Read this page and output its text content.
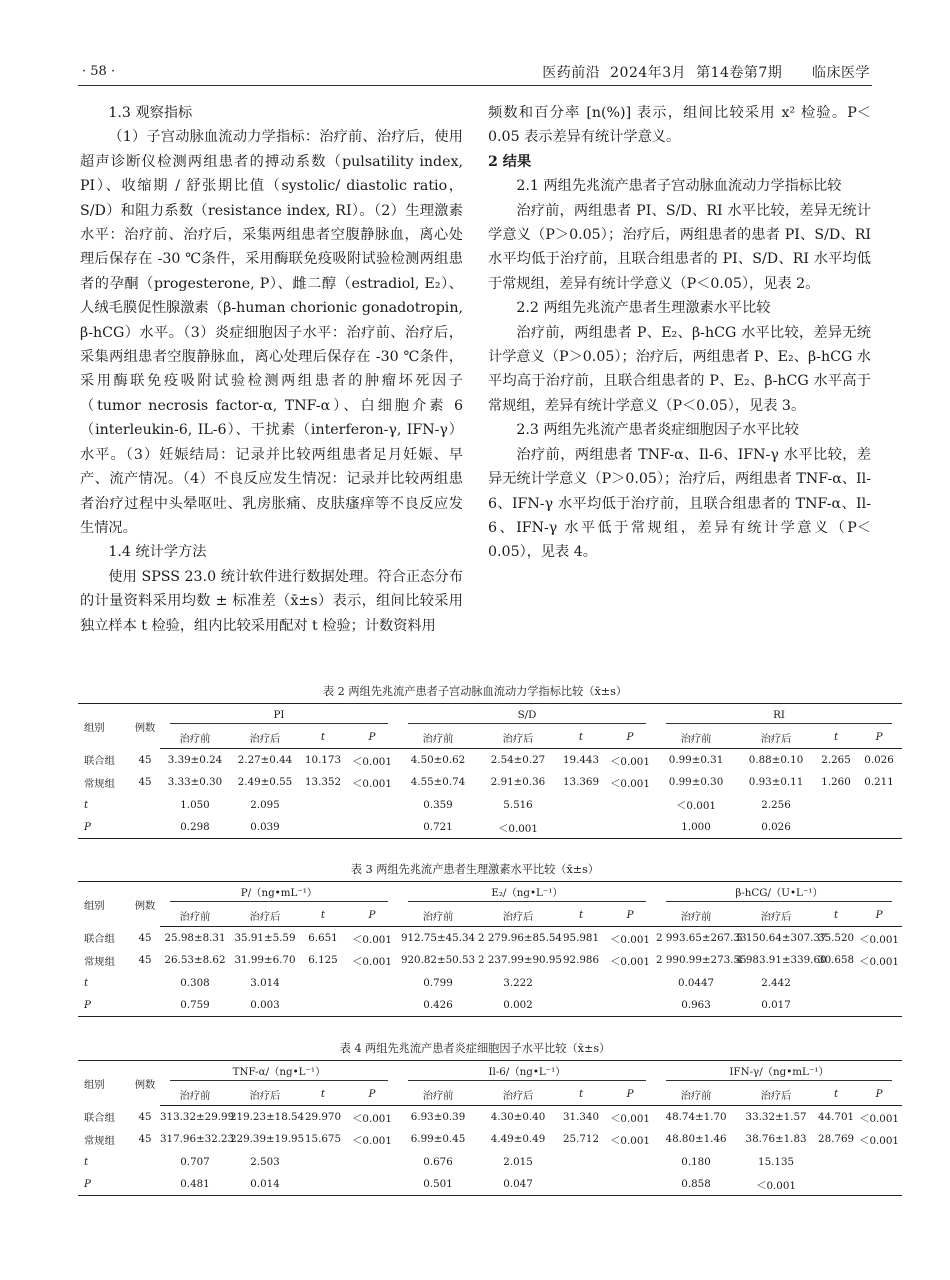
· 58 ·	医药前沿  2024年3月  第14卷第7期      临床医学

1.3 观察指标

（1）子宫动脉血流动力学指标：治疗前、治疗后，使用超声诊断仪检测两组患者的搏动系数（pulsatility index, PI）、收缩期 / 舒张期比值（systolic/ diastolic ratio，S/D）和阻力系数（resistance index, RI）。（2）生理激素水平：治疗前、治疗后，采集两组患者空腹静脉血，离心处理后保存在 -30 ℃条件，采用酶联免疫吸附试验检测两组患者的孕酮（progesterone, P）、雌二醇（estradiol, E₂）、人绒毛膜促性腺激素（β-human chorionic gonadotropin, β-hCG）水平。（3）炎症细胞因子水平：治疗前、治疗后，采集两组患者空腹静脉血，离心处理后保存在 -30 ℃条件，采用酶联免疫吸附试验检测两组患者的肿瘤坏死因子（tumor necrosis factor-α, TNF-α）、白细胞介素 6（interleukin-6, IL-6）、干扰素（interferon-γ, IFN-γ）水平。（3）妊娠结局：记录并比较两组患者足月妊娠、早产、流产情况。（4）不良反应发生情况：记录并比较两组患者治疗过程中头晕呕吐、乳房胀痛、皮肤瘙痒等不良反应发生情况。

1.4 统计学方法

使用 SPSS 23.0 统计软件进行数据处理。符合正态分布的计量资料采用均数 ± 标准差（x̄±s）表示，组间比较采用独立样本 t 检验，组内比较采用配对 t 检验；计数资料用

频数和百分率 [n(%)] 表示，组间比较采用 x² 检验。P＜0.05 表示差异有统计学意义。

2 结果

2.1 两组先兆流产患者子宫动脉血流动力学指标比较

治疗前，两组患者 PI、S/D、RI 水平比较，差异无统计学意义（P＞0.05）；治疗后，两组患者的患者 PI、S/D、RI 水平均低于治疗前，且联合组患者的 PI、S/D、RI 水平均低于常规组，差异有统计学意义（P＜0.05），见表 2。

2.2 两组先兆流产患者生理激素水平比较

治疗前，两组患者 P、E₂、β-hCG 水平比较，差异无统计学意义（P＞0.05）；治疗后，两组患者 P、E₂、β-hCG 水平均高于治疗前，且联合组患者的 P、E₂、β-hCG 水平高于常规组，差异有统计学意义（P＜0.05），见表 3。

2.3 两组先兆流产患者炎症细胞因子水平比较

治疗前，两组患者 TNF-α、Il-6、IFN-γ 水平比较，差异无统计学意义（P＞0.05）；治疗后，两组患者 TNF-α、Il-6、IFN-γ 水平均低于治疗前，且联合组患者的 TNF-α、Il-6、IFN-γ 水平低于常规组，差异有统计学意义（P＜0.05），见表 4。

表 2 两组先兆流产患者子宫动脉血流动力学指标比较（x̄±s）
组别	例数	PI				S/D				RI			
		治疗前	治疗后	t	P	治疗前	治疗后	t	P	治疗前	治疗后	t	P
联合组	45	3.39±0.24	2.27±0.44	10.173	＜0.001	4.50±0.62	2.54±0.27	19.443	＜0.001	0.99±0.31	0.88±0.10	2.265	0.026
常规组	45	3.33±0.30	2.49±0.55	13.352	＜0.001	4.55±0.74	2.91±0.36	13.369	＜0.001	0.99±0.30	0.93±0.11	1.260	0.211
t		1.050	2.095			0.359	5.516			＜0.001	2.256		
P		0.298	0.039			0.721	＜0.001			1.000	0.026		
表 3 两组先兆流产患者生理激素水平比较（x̄±s）
组别	例数	P/（ng•mL⁻¹）				E₂/（ng•L⁻¹）				β-hCG/（U•L⁻¹）			
		治疗前	治疗后	t	P	治疗前	治疗后	t	P	治疗前	治疗后	t	P
联合组	45	25.98±8.31	35.91±5.59	6.651	＜0.001	912.75±45.34	2 279.96±85.54	95.981	＜0.001	2 993.65±267.33	5 150.64±307.37	35.520	＜0.001
常规组	45	26.53±8.62	31.99±6.70	6.125	＜0.001	920.82±50.53	2 237.99±90.95	92.986	＜0.001	2 990.99±273.55	4 983.91±339.60	30.658	＜0.001
t		0.308	3.014			0.799	3.222			0.0447	2.442		
P		0.759	0.003			0.426	0.002			0.963	0.017		
表 4 两组先兆流产患者炎症细胞因子水平比较（x̄±s）
组别	例数	TNF-α/（ng•L⁻¹）				Il-6/（ng•L⁻¹）				IFN-γ/（ng•mL⁻¹）			
		治疗前	治疗后	t	P	治疗前	治疗后	t	P	治疗前	治疗后	t	P
联合组	45	313.32±29.99	219.23±18.54	29.970	＜0.001	6.93±0.39	4.30±0.40	31.340	＜0.001	48.74±1.70	33.32±1.57	44.701	＜0.001
常规组	45	317.96±32.23	229.39±19.95	15.675	＜0.001	6.99±0.45	4.49±0.49	25.712	＜0.001	48.80±1.46	38.76±1.83	28.769	＜0.001
t		0.707	2.503			0.676	2.015			0.180	15.135		
P		0.481	0.014			0.501	0.047			0.858	＜0.001		
